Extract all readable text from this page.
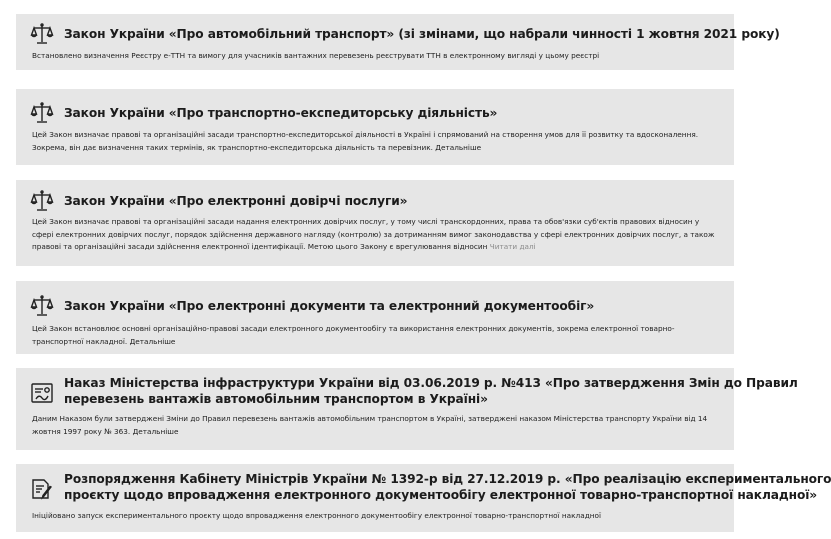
Закон України «Про автомобільний транспорт» (зі змінами, що набрали чинності 1 жовтня 2021 року)
Встановлено визначення Реєстру е-ТТН та вимогу для учасників вантажних перевезень реєструвати ТТН в електронному вигляді у цьому реєстрі
Закон України «Про транспортно-експедиторську діяльність»
Цей Закон визначає правові та організаційні засади транспортно-експедиторської діяльності в Україні і спрямований на створення умов для її розвитку та вдосконалення. Зокрема, він дає визначення таких термінів, як транспортно-експедиторська діяльність та перевізник. Детальніше
Закон України «Про електронні довірчі послуги»
Цей Закон визначає правові та організаційні засади надання електронних довірчих послуг, у тому числі транскордонних, права та обов'язки суб'єктів правових відносин у сфері електронних довірчих послуг, порядок здійснення державного нагляду (контролю) за дотриманням вимог законодавства у сфері електронних довірчих послуг, а також правові та організаційні засади здійснення електронної ідентифікації. Метою цього Закону є врегулювання відносин Читати далі
Закон України «Про електронні документи та електронний документообіг»
Цей Закон встановлює основні організаційно-правові засади електронного документообігу та використання електронних документів, зокрема електронної товарно-транспортної накладної. Детальніше
Наказ Міністерства інфраструктури України від 03.06.2019 р. №413 «Про затвердження Змін до Правил
перевезень вантажів автомобільним транспортом в Україні»
Даним Наказом були затверджені Зміни до Правил перевезень вантажів автомобільним транспортом в Україні, затверджені наказом Міністерства транспорту України від 14 жовтня 1997 року № 363. Детальніше
Розпорядження Кабінету Міністрів України № 1392-р від 27.12.2019 р. «Про реалізацію експериментального
проєкту щодо впровадження електронного документообігу електронної товарно-транспортної накладної»
Ініційовано запуск експериментального проєкту щодо впровадження електронного документообігу електронної товарно-транспортної накладної
